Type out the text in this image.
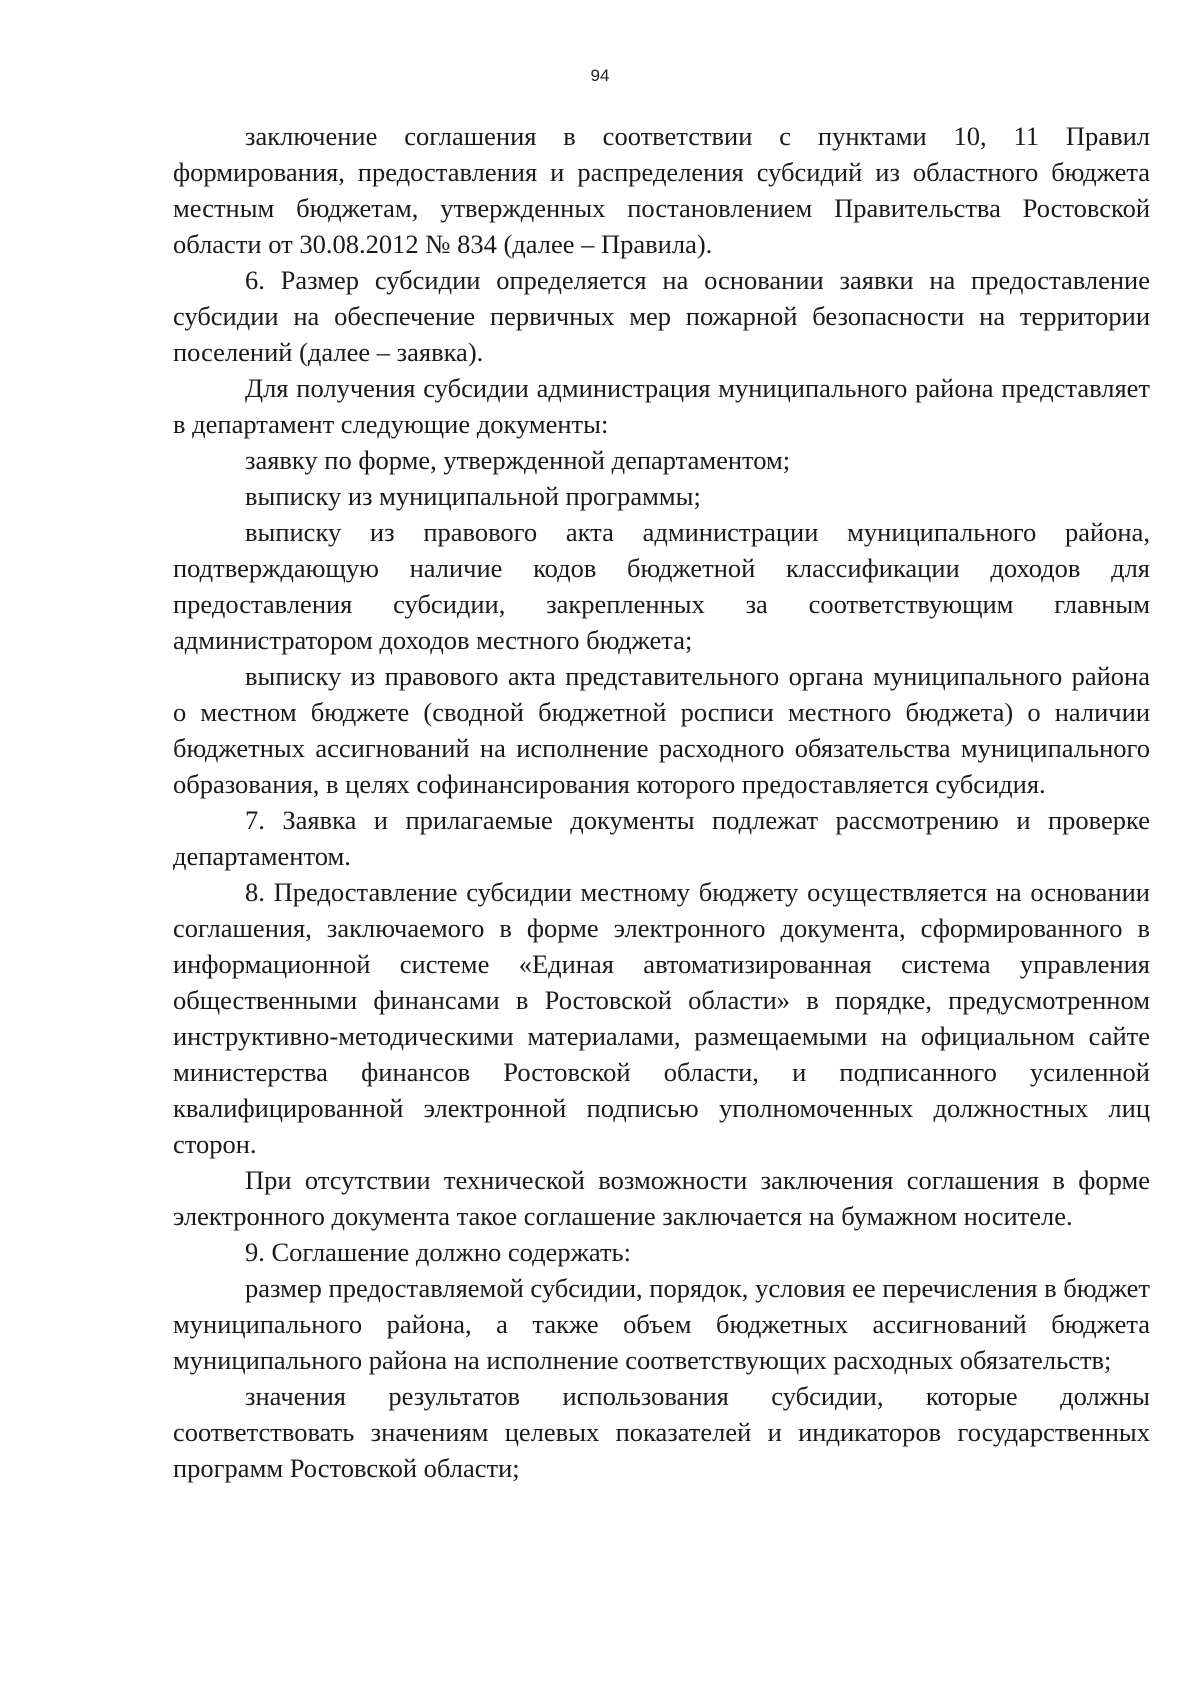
94

заключение соглашения в соответствии с пунктами 10, 11 Правил формирования, предоставления и распределения субсидий из областного бюджета местным бюджетам, утвержденных постановлением Правительства Ростовской области от 30.08.2012 № 834 (далее – Правила).

6. Размер субсидии определяется на основании заявки на предоставление субсидии на обеспечение первичных мер пожарной безопасности на территории поселений (далее – заявка).

Для получения субсидии администрация муниципального района представляет в департамент следующие документы:

заявку по форме, утвержденной департаментом;

выписку из муниципальной программы;

выписку из правового акта администрации муниципального района, подтверждающую наличие кодов бюджетной классификации доходов для предоставления субсидии, закрепленных за соответствующим главным администратором доходов местного бюджета;

выписку из правового акта представительного органа муниципального района о местном бюджете (сводной бюджетной росписи местного бюджета) о наличии бюджетных ассигнований на исполнение расходного обязательства муниципального образования, в целях софинансирования которого предоставляется субсидия.

7. Заявка и прилагаемые документы подлежат рассмотрению и проверке департаментом.

8. Предоставление субсидии местному бюджету осуществляется на основании соглашения, заключаемого в форме электронного документа, сформированного в информационной системе «Единая автоматизированная система управления общественными финансами в Ростовской области» в порядке, предусмотренном инструктивно-методическими материалами, размещаемыми на официальном сайте министерства финансов Ростовской области, и подписанного усиленной квалифицированной электронной подписью уполномоченных должностных лиц сторон.

При отсутствии технической возможности заключения соглашения в форме электронного документа такое соглашение заключается на бумажном носителе.

9. Соглашение должно содержать:

размер предоставляемой субсидии, порядок, условия ее перечисления в бюджет муниципального района, а также объем бюджетных ассигнований бюджета муниципального района на исполнение соответствующих расходных обязательств;

значения результатов использования субсидии, которые должны соответствовать значениям целевых показателей и индикаторов государственных программ Ростовской области;
